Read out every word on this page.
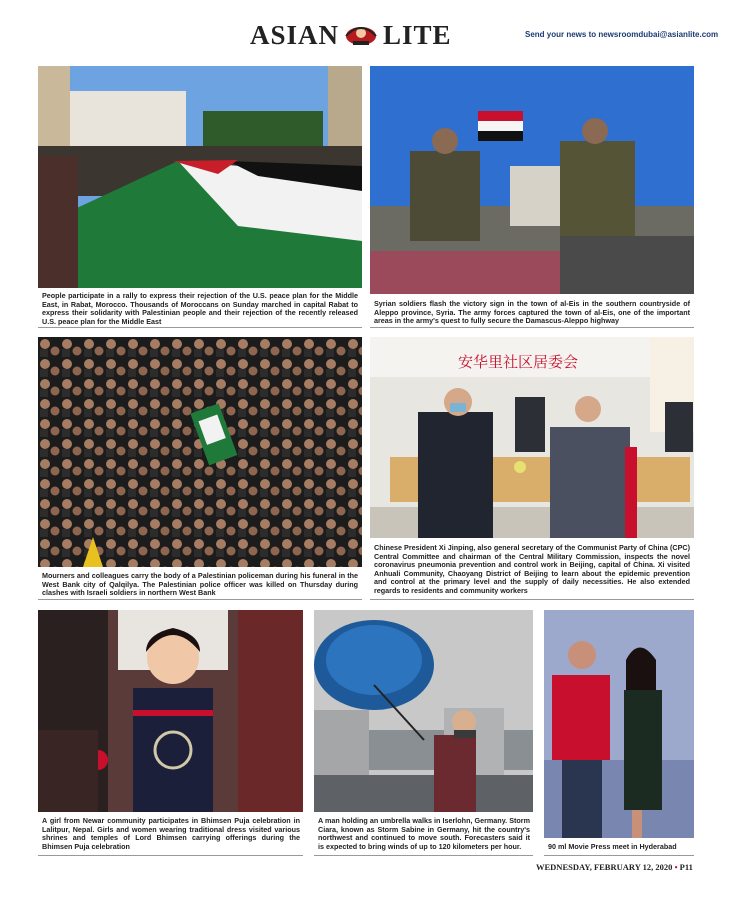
ASIAN LITE	Send your news to newsroomdubai@asianlite.com
People participate in a rally to express their rejection of the U.S. peace plan for the Middle East, in Rabat, Morocco. Thousands of Moroccans on Sunday marched in capital Rabat to express their solidarity with Palestinian people and their rejection of the recently released U.S. peace plan for the Middle East
Syrian soldiers flash the victory sign in the town of al-Eis in the southern countryside of Aleppo province, Syria. The army forces captured the town of al-Eis, one of the important areas in the army's quest to fully secure the Damascus-Aleppo highway
Mourners and colleagues carry the body of a Palestinian policeman during his funeral in the West Bank city of Qalqilya. The Palestinian police officer was killed on Thursday during clashes with Israeli soldiers in northern West Bank
安华里社区居委会
Chinese President Xi Jinping, also general secretary of the Communist Party of China (CPC) Central Committee and chairman of the Central Military Commission, inspects the novel coronavirus pneumonia prevention and control work in Beijing, capital of China. Xi visited Anhuali Community, Chaoyang District of Beijing to learn about the epidemic prevention and control at the primary level and the supply of daily necessities. He also extended regards to residents and community workers
A girl from Newar community participates in Bhimsen Puja celebration in Lalitpur, Nepal. Girls and women wearing traditional dress visited various shrines and temples of Lord Bhimsen carrying offerings during the Bhimsen Puja celebration
A man holding an umbrella walks in Iserlohn, Germany. Storm Ciara, known as Storm Sabine in Germany, hit the country's northwest and continued to move south. Forecasters said it is expected to bring winds of up to 120 kilometers per hour.	90 ml Movie Press meet in Hyderabad
WEDNESDAY, FEBRUARY 12, 2020 • P11
